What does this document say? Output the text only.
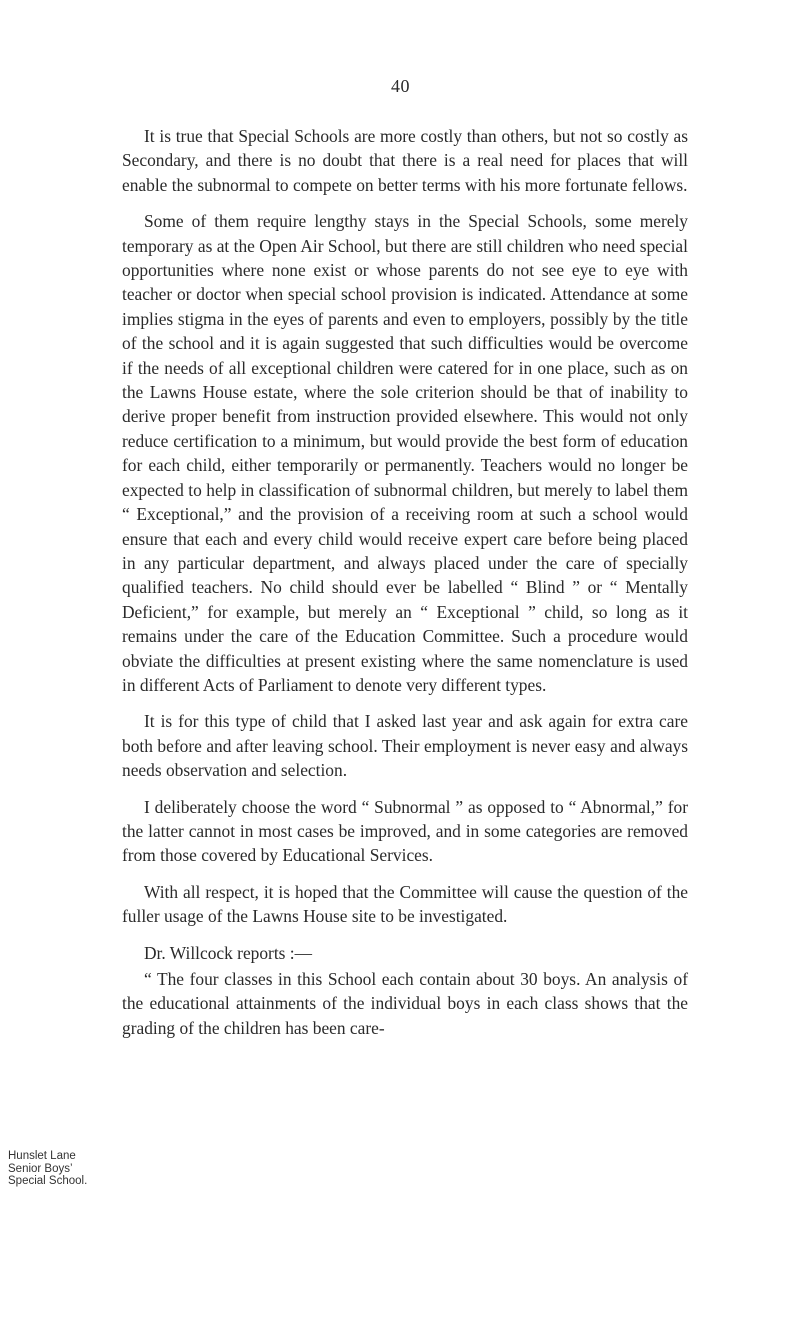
40

It is true that Special Schools are more costly than others, but not so costly as Secondary, and there is no doubt that there is a real need for places that will enable the subnormal to compete on better terms with his more fortunate fellows.

Some of them require lengthy stays in the Special Schools, some merely temporary as at the Open Air School, but there are still children who need special opportunities where none exist or whose parents do not see eye to eye with teacher or doctor when special school provision is indicated. Attendance at some implies stigma in the eyes of parents and even to employers, possibly by the title of the school and it is again suggested that such difficulties would be overcome if the needs of all exceptional children were catered for in one place, such as on the Lawns House estate, where the sole criterion should be that of inability to derive proper benefit from instruction provided elsewhere. This would not only reduce certification to a minimum, but would provide the best form of education for each child, either temporarily or permanently. Teachers would no longer be expected to help in classification of subnormal children, but merely to label them “ Exceptional,” and the provision of a receiving room at such a school would ensure that each and every child would receive expert care before being placed in any particular department, and always placed under the care of specially qualified teachers. No child should ever be labelled “ Blind ” or “ Mentally Deficient,” for example, but merely an “ Exceptional ” child, so long as it remains under the care of the Education Committee. Such a procedure would obviate the difficulties at present existing where the same nomenclature is used in different Acts of Parliament to denote very different types.

It is for this type of child that I asked last year and ask again for extra care both before and after leaving school. Their employment is never easy and always needs observation and selection.

I deliberately choose the word “ Subnormal ” as opposed to “ Abnormal,” for the latter cannot in most cases be improved, and in some categories are removed from those covered by Educational Services.

With all respect, it is hoped that the Committee will cause the question of the fuller usage of the Lawns House site to be investigated.

Dr. Willcock reports :—

“ The four classes in this School each contain about 30 boys. An analysis of the educational attainments of the individual boys in each class shows that the grading of the children has been care-

Hunslet Lane
Senior Boys’
Special School.
